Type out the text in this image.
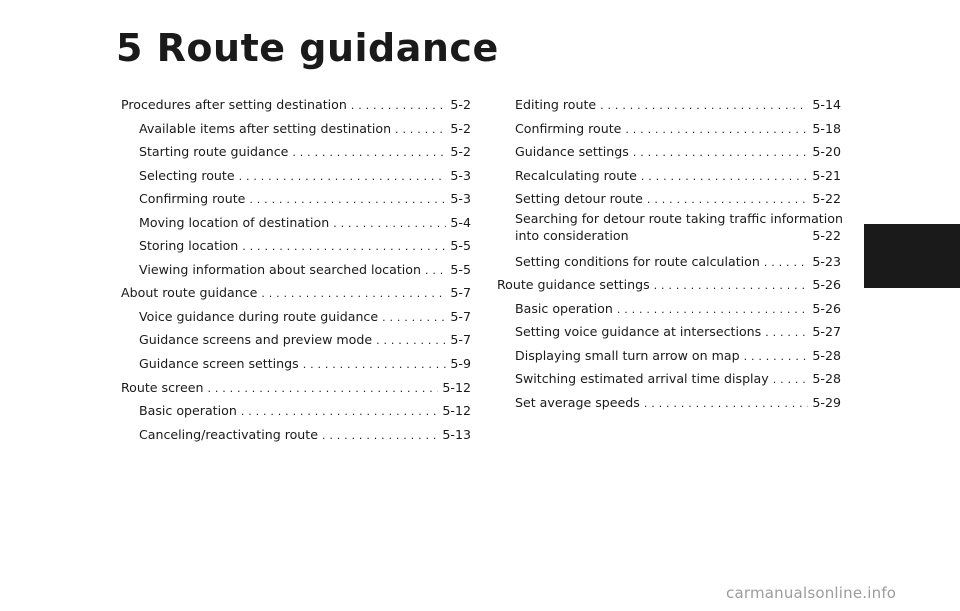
5 Route guidance
Procedures after setting destination . . .	5-2
Available items after setting destination . . .	5-2
Starting route guidance . . .	5-2
Selecting route . . .	5-3
Confirming route . . .	5-3
Moving location of destination . . .	5-4
Storing location . . .	5-5
Viewing information about searched location . . . 5-5
About route guidance . . .	5-7
Voice guidance during route guidance . . .	5-7
Guidance screens and preview mode . . .	5-7
Guidance screen settings . . .	5-9
Route screen . . .	5-12
Basic operation . . .	5-12
Canceling/reactivating route . . .	5-13
Editing route . . .	5-14
Confirming route . . .	5-18
Guidance settings . . .	5-20
Recalculating route . . .	5-21
Setting detour route . . .	5-22
Searching for detour route taking traffic information
into consideration	5-22
Setting conditions for route calculation . . .	5-23
Route guidance settings . . .	5-26
Basic operation . . .	5-26
Setting voice guidance at intersections . . .	5-27
Displaying small turn arrow on map . . .	5-28
Switching estimated arrival time display . . .	5-28
Set average speeds . . .	5-29
carmanualsonline.info
